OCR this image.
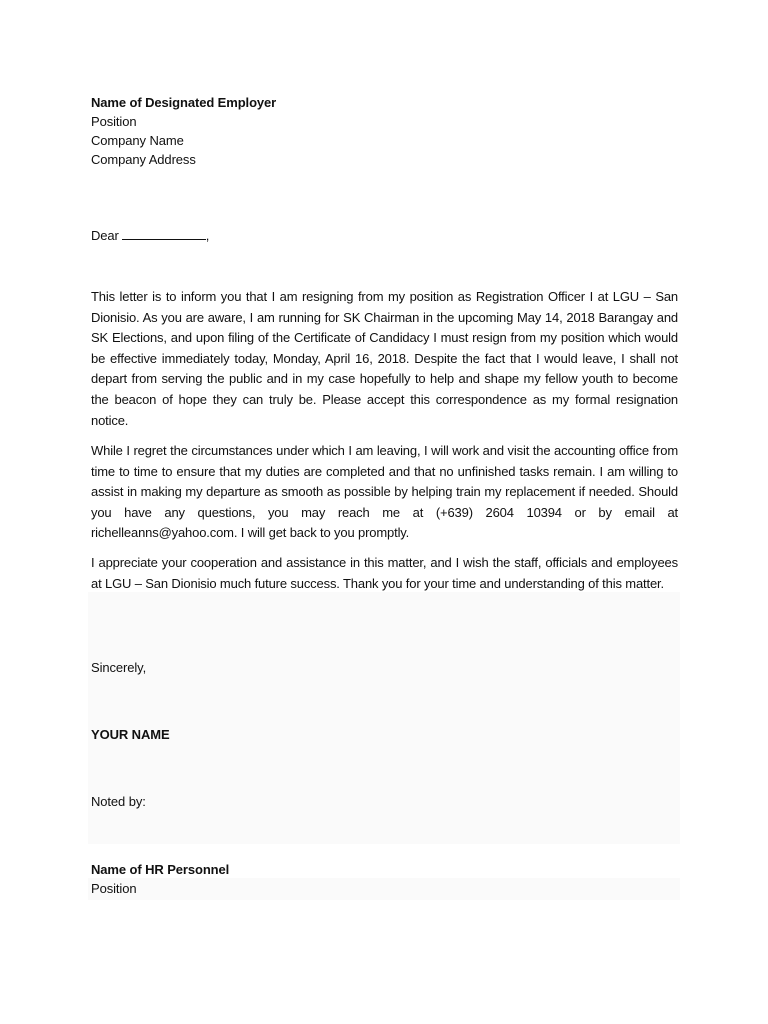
Name of Designated Employer
Position
Company Name
Company Address
Dear	,
This letter is to inform you that I am resigning from my position as Registration Officer I at LGU – San Dionisio. As you are aware, I am running for SK Chairman in the upcoming May 14, 2018 Barangay and SK Elections, and upon filing of the Certificate of Candidacy I must resign from my position which would be effective immediately today, Monday, April 16, 2018. Despite the fact that I would leave, I shall not depart from serving the public and in my case hopefully to help and shape my fellow youth to become the beacon of hope they can truly be. Please accept this correspondence as my formal resignation notice.
While I regret the circumstances under which I am leaving, I will work and visit the accounting office from time to time to ensure that my duties are completed and that no unfinished tasks remain. I am willing to assist in making my departure as smooth as possible by helping train my replacement if needed. Should you have any questions, you may reach me at (+639) 2604 10394 or by email at richelleanns@yahoo.com. I will get back to you promptly.
I appreciate your cooperation and assistance in this matter, and I wish the staff, officials and employees at LGU – San Dionisio much future success. Thank you for your time and understanding of this matter.
Sincerely,
YOUR NAME
Noted by:
Name of HR Personnel
Position
